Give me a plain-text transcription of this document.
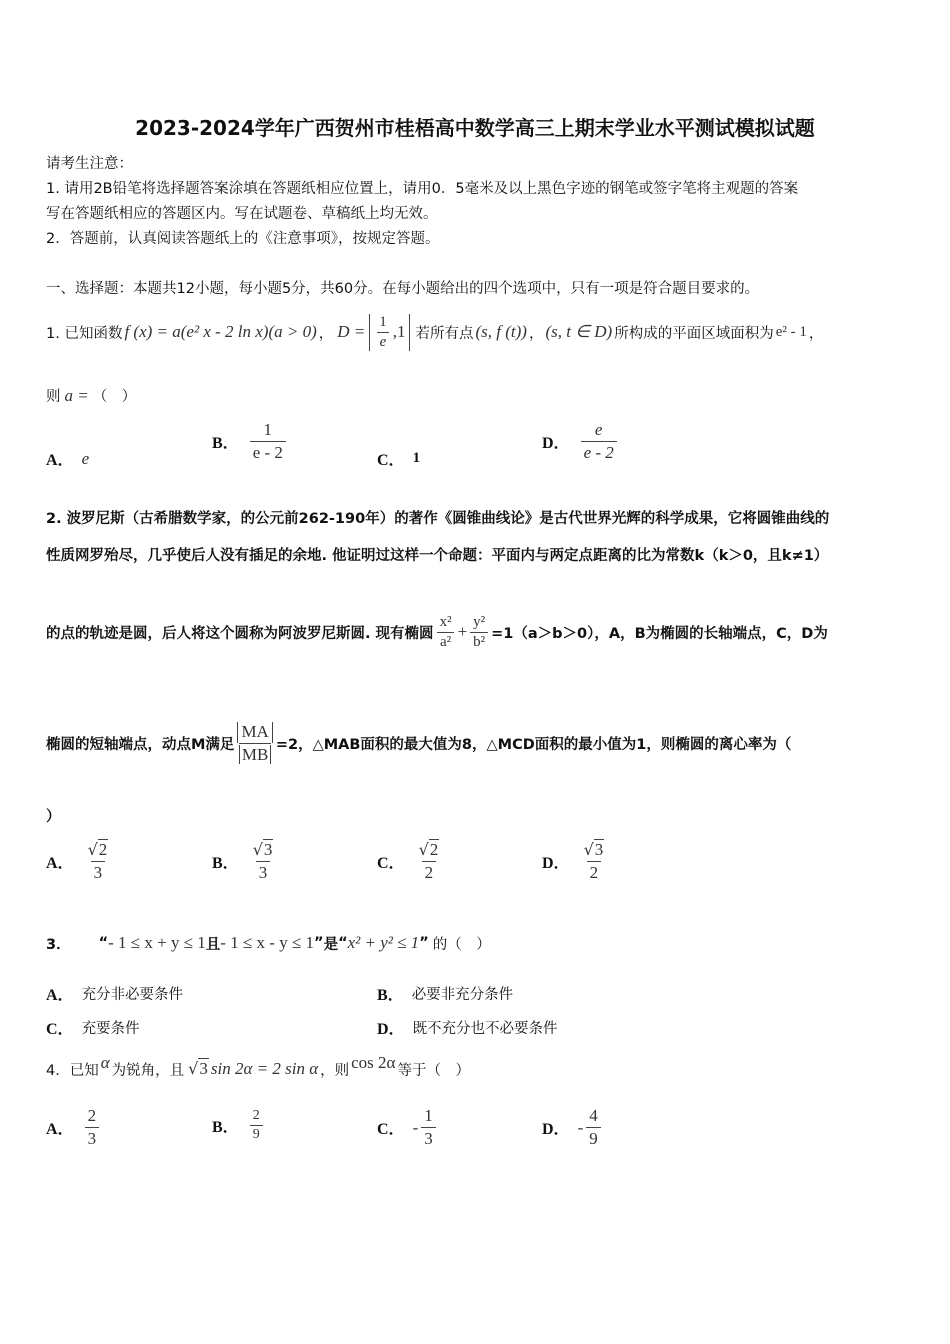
2023-2024学年广西贺州市桂梧高中数学高三上期末学业水平测试模拟试题
请考生注意：
1. 请用2B铅笔将选择题答案涂填在答题纸相应位置上，请用0．5毫米及以上黑色字迹的钢笔或签字笔将主观题的答案
写在答题纸相应的答题区内。写在试题卷、草稿纸上均无效。
2．答题前，认真阅读答题纸上的《注意事项》，按规定答题。
一、选择题：本题共12小题，每小题5分，共60分。在每小题给出的四个选项中，只有一项是符合题目要求的。
1. 已知函数 f (x) = a(e² x - 2 ln x)(a > 0) ， $D = \frac{1}{e} ,1$ 若所有点 (s, f (t)) ， (s, t ∈ D) 所构成的平面区域面积为 e² - 1 ，
则 a = （　）
A． e
B． $\frac{1}{e - 2}$	C． 1
D． $\frac{e}{e - 2}$
2. 波罗尼斯（古希腊数学家，的公元前262-190年）的著作《圆锥曲线论》是古代世界光辉的科学成果，它将圆锥曲线的
性质网罗殆尽，几乎使后人没有插足的余地. 他证明过这样一个命题：平面内与两定点距离的比为常数k（k＞0，且k≠1）
的点的轨迹是圆，后人将这个圆称为阿波罗尼斯圆. 现有椭圆 $\frac{\text{x²}}{\text{a²}} + \frac{\text{y²}}{\text{b²}} =1(a>b>0)$，A，B为椭圆的长轴端点，C，D为
椭圆的短轴端点，动点M满足 $\frac{MA}{MB} =2$，△MAB面积的最大值为8，△MCD面积的最小值为1，则椭圆的离心率为（
）
A． $\frac{√2}{3}$	B． $\frac{√3}{3}$	C． $\frac{√2}{2}$	D． $\frac{√3}{2}$
3． “ - 1 ≤ x + y ≤ 1 且 - 1 ≤ x - y ≤ 1 ” 是 “ x² + y² ≤ 1 ” 的（　）
A． 充分非必要条件	B． 必要非充分条件
C． 充要条件	D． 既不充分也不必要条件
4．已知 α 为锐角，且 √3 sin 2α = 2 sin α ，则 cos 2α 等于（　）
A． $\frac{2}{3}$	B． $\frac{2}{9}$	C． - $\frac{1}{3}$	D． - $\frac{4}{9}$
